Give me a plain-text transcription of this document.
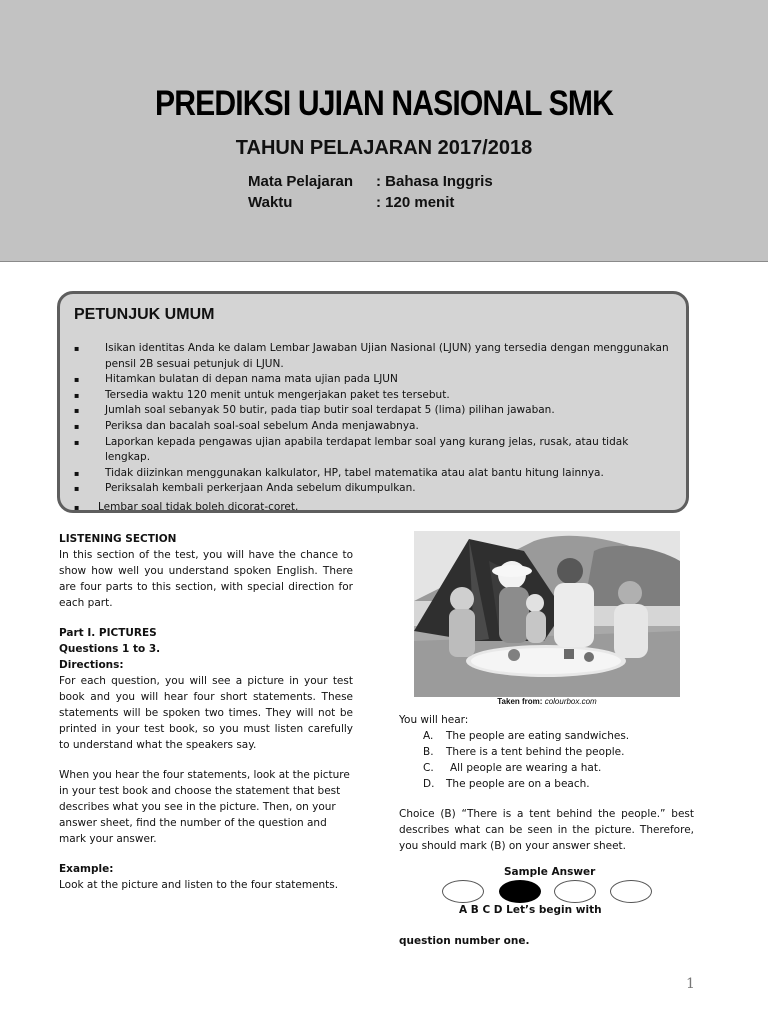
PREDIKSI UJIAN NASIONAL SMK
TAHUN PELAJARAN 2017/2018
Mata Pelajaran : Bahasa Inggris
Waktu	: 120 menit
PETUNJUK UMUM
▪ Isikan identitas Anda ke dalam Lembar Jawaban Ujian Nasional (LJUN) yang tersedia dengan menggunakan pensil 2B sesuai petunjuk di LJUN.
▪ Hitamkan bulatan di depan nama mata ujian pada LJUN
▪ Tersedia waktu 120 menit untuk mengerjakan paket tes tersebut.
▪ Jumlah soal sebanyak 50 butir, pada tiap butir soal terdapat 5 (lima) pilihan jawaban.
▪ Periksa dan bacalah soal-soal sebelum Anda menjawabnya.
▪ Laporkan kepada pengawas ujian apabila terdapat lembar soal yang kurang jelas, rusak, atau tidak lengkap.
▪ Tidak diizinkan menggunakan kalkulator, HP, tabel matematika atau alat bantu hitung lainnya.
▪ Periksalah kembali perkerjaan Anda sebelum dikumpulkan.
▪ Lembar soal tidak boleh dicorat-coret.

LISTENING SECTION

In this section of the test, you will have the chance to show how well you understand spoken English. There are four parts to this section, with special direction for each part.

Part I. PICTURES
Questions 1 to 3.
Directions:

For each question, you will see a picture in your test book and you will hear four short statements. These statements will be spoken two times. They will not be printed in your test book, so you must listen carefully to understand what the speakers say.

When you hear the four statements, look at the picture in your test book and choose the statement that best describes what you see in the picture. Then, on your answer sheet, find the number of the question and mark your answer.

Example:
Look at the picture and listen to the four statements.
Taken from: colourbox.com
You will hear:
A. The people are eating sandwiches.
B. There is a tent behind the people.
C. All people are wearing a hat.
D. The people are on a beach.

Choice (B) “There is a tent behind the people.” best describes what can be seen in the picture. Therefore, you should mark (B) on your answer sheet.

Sample Answer
A B C D Let’s begin with
question number one.
1
